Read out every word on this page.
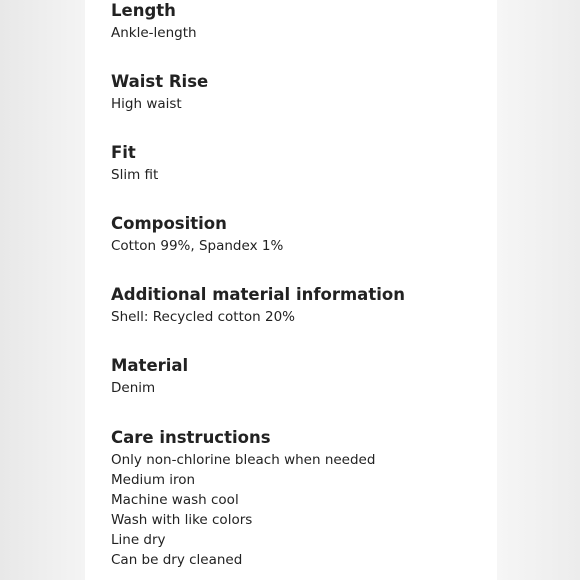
Length
Ankle-length
Waist Rise
High waist
Fit
Slim fit
Composition
Cotton 99%, Spandex 1%
Additional material information
Shell: Recycled cotton 20%
Material
Denim
Care instructions
Only non-chlorine bleach when needed
Medium iron
Machine wash cool
Wash with like colors
Line dry
Can be dry cleaned
